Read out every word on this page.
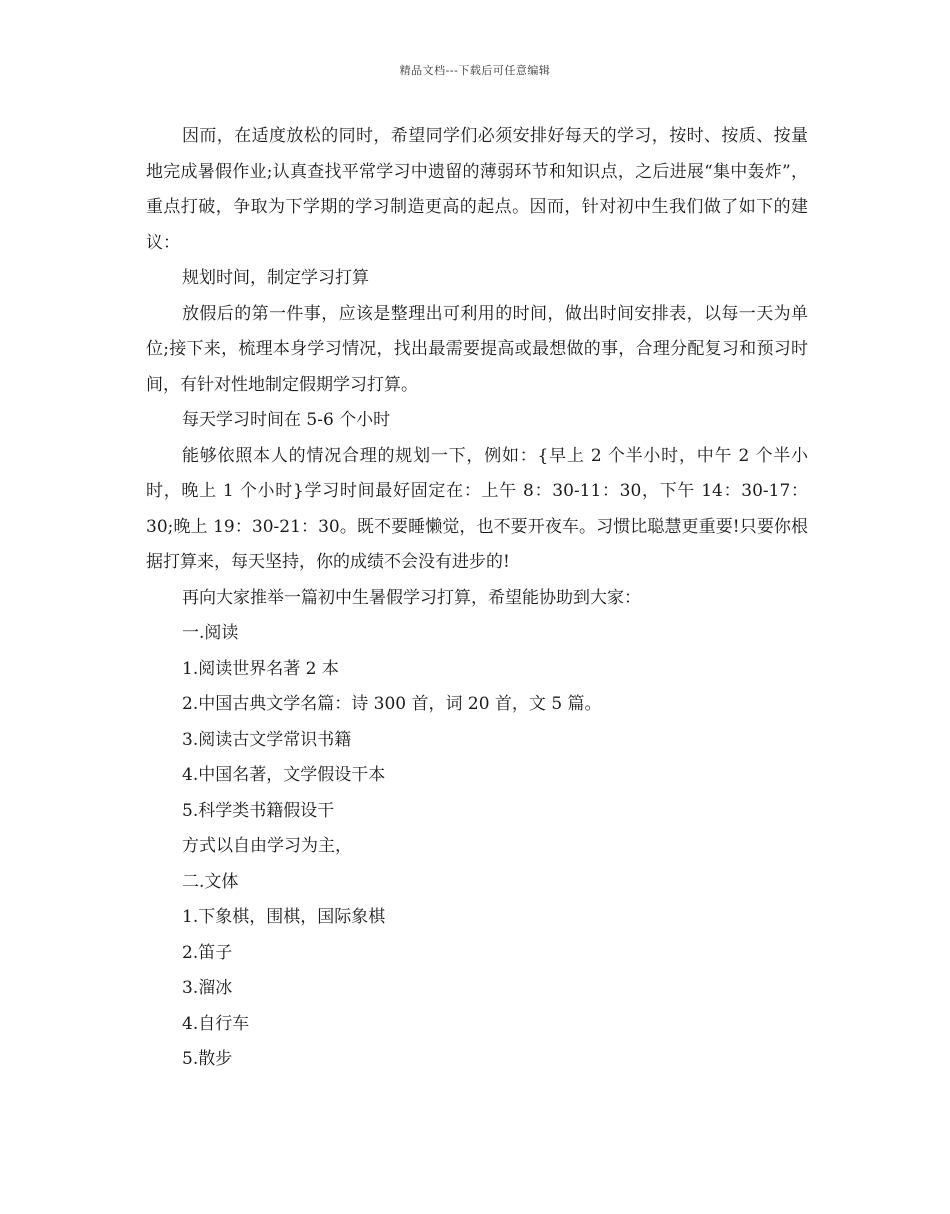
精品文档---下载后可任意编辑

因而，在适度放松的同时，希望同学们必须安排好每天的学习，按时、按质、按量地完成暑假作业;认真查找平常学习中遗留的薄弱环节和知识点，之后进展“集中轰炸”，重点打破，争取为下学期的学习制造更高的起点。因而，针对初中生我们做了如下的建议：

规划时间，制定学习打算

放假后的第一件事，应该是整理出可利用的时间，做出时间安排表，以每一天为单位;接下来，梳理本身学习情况，找出最需要提高或最想做的事，合理分配复习和预习时间，有针对性地制定假期学习打算。

每天学习时间在 5-6 个小时

能够依照本人的情况合理的规划一下，例如：{早上 2 个半小时，中午 2 个半小时，晚上 1 个小时}学习时间最好固定在：上午 8：30-11：30，下午 14：30-17：30;晚上 19：30-21：30。既不要睡懒觉，也不要开夜车。习惯比聪慧更重要!只要你根据打算来，每天坚持，你的成绩不会没有进步的!

再向大家推举一篇初中生暑假学习打算，希望能协助到大家：

一.阅读

1.阅读世界名著 2 本

2.中国古典文学名篇：诗 300 首，词 20 首，文 5 篇。

3.阅读古文学常识书籍

4.中国名著，文学假设干本

5.科学类书籍假设干

方式以自由学习为主，

二.文体

1.下象棋，围棋，国际象棋

2.笛子

3.溜冰

4.自行车

5.散步
